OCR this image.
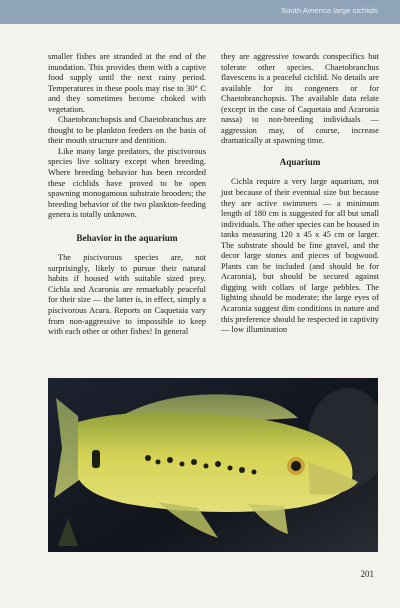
South America large cichlids

smaller fishes are stranded at the end of the inundation. This provides them with a captive food supply until the next rainy period. Temperatures in these pools may rise to 30° C and they sometimes become choked with vegetation.

Chaetobranchopsis and Chaetobranchus are thought to be plankton feeders on the basis of their mouth structure and dentition.

Like many large predators, the piscivorous species live solitary except when breeding. Where breeding behavior has been recorded these cichlids have proved to be open spawning monogamous substrate brooders; the breeding behavior of the two plankton-feeding genera is totally unknown.

Behavior in the aquarium

The piscivorous species are, not surprisingly, likely to pursue their natural habits if housed with suitable sized prey. Cichla and Acaronia are remarkably peaceful for their size — the latter is, in effect, simply a piscivorous Acara. Reports on Caquetaia vary from non-aggressive to impossible to keep with each other or other fishes! In general

they are aggressive towards conspecifics but tolerate other species. Chaetobranchus flavescens is a peaceful cichlid. No details are available for its congeners or for Chaetobranchopsis. The available data relate (except in the case of Caquetaia and Acaronia nassa) to non-breeding individuals — aggression may, of course, increase dramatically at spawning time.

Aquarium

Cichla require a very large aquarium, not just because of their eventual size but because they are active swimmers — a minimum length of 180 cm is suggested for all but small individuals. The other species can be housed in tanks measuring 120 x 45 x 45 cm or larger. The substrate should be fine gravel, and the decor large stones and pieces of bogwood. Plants can be included (and should be for Acaronia), but should be secured against digging with collars of large pebbles. The lighting should be moderate; the large eyes of Acaronia suggest dim conditions in nature and this preference should be respected in captivity — low illumination

201
